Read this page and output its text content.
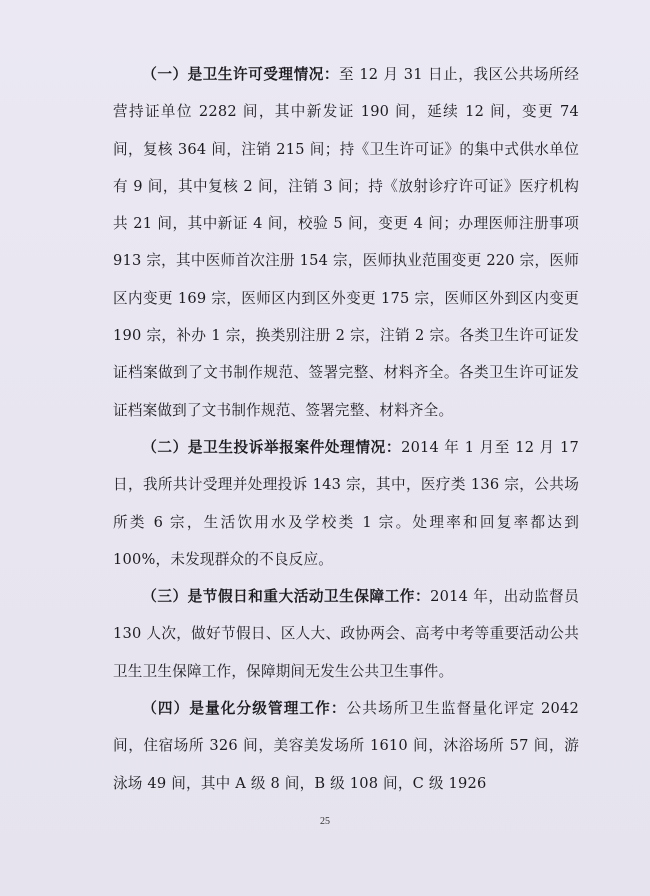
（一）是卫生许可受理情况：至 12 月 31 日止，我区公共场所经营持证单位 2282 间，其中新发证 190 间，延续 12 间，变更 74 间，复核 364 间，注销 215 间；持《卫生许可证》的集中式供水单位有 9 间，其中复核 2 间，注销 3 间；持《放射诊疗许可证》医疗机构共 21 间，其中新证 4 间，校验 5 间，变更 4 间；办理医师注册事项 913 宗，其中医师首次注册 154 宗，医师执业范围变更 220 宗，医师区内变更 169 宗，医师区内到区外变更 175 宗，医师区外到区内变更 190 宗，补办 1 宗，换类别注册 2 宗，注销 2 宗。各类卫生许可证发证档案做到了文书制作规范、签署完整、材料齐全。各类卫生许可证发证档案做到了文书制作规范、签署完整、材料齐全。

（二）是卫生投诉举报案件处理情况：2014 年 1 月至 12 月 17 日，我所共计受理并处理投诉 143 宗，其中，医疗类 136 宗，公共场所类 6 宗，生活饮用水及学校类 1 宗。处理率和回复率都达到 100%，未发现群众的不良反应。

（三）是节假日和重大活动卫生保障工作：2014 年，出动监督员 130 人次，做好节假日、区人大、政协两会、高考中考等重要活动公共卫生卫生保障工作，保障期间无发生公共卫生事件。

（四）是量化分级管理工作：公共场所卫生监督量化评定 2042 间，住宿场所 326 间，美容美发场所 1610 间，沐浴场所 57 间，游泳场 49 间，其中 A 级 8 间，B 级 108 间，C 级 1926

25
